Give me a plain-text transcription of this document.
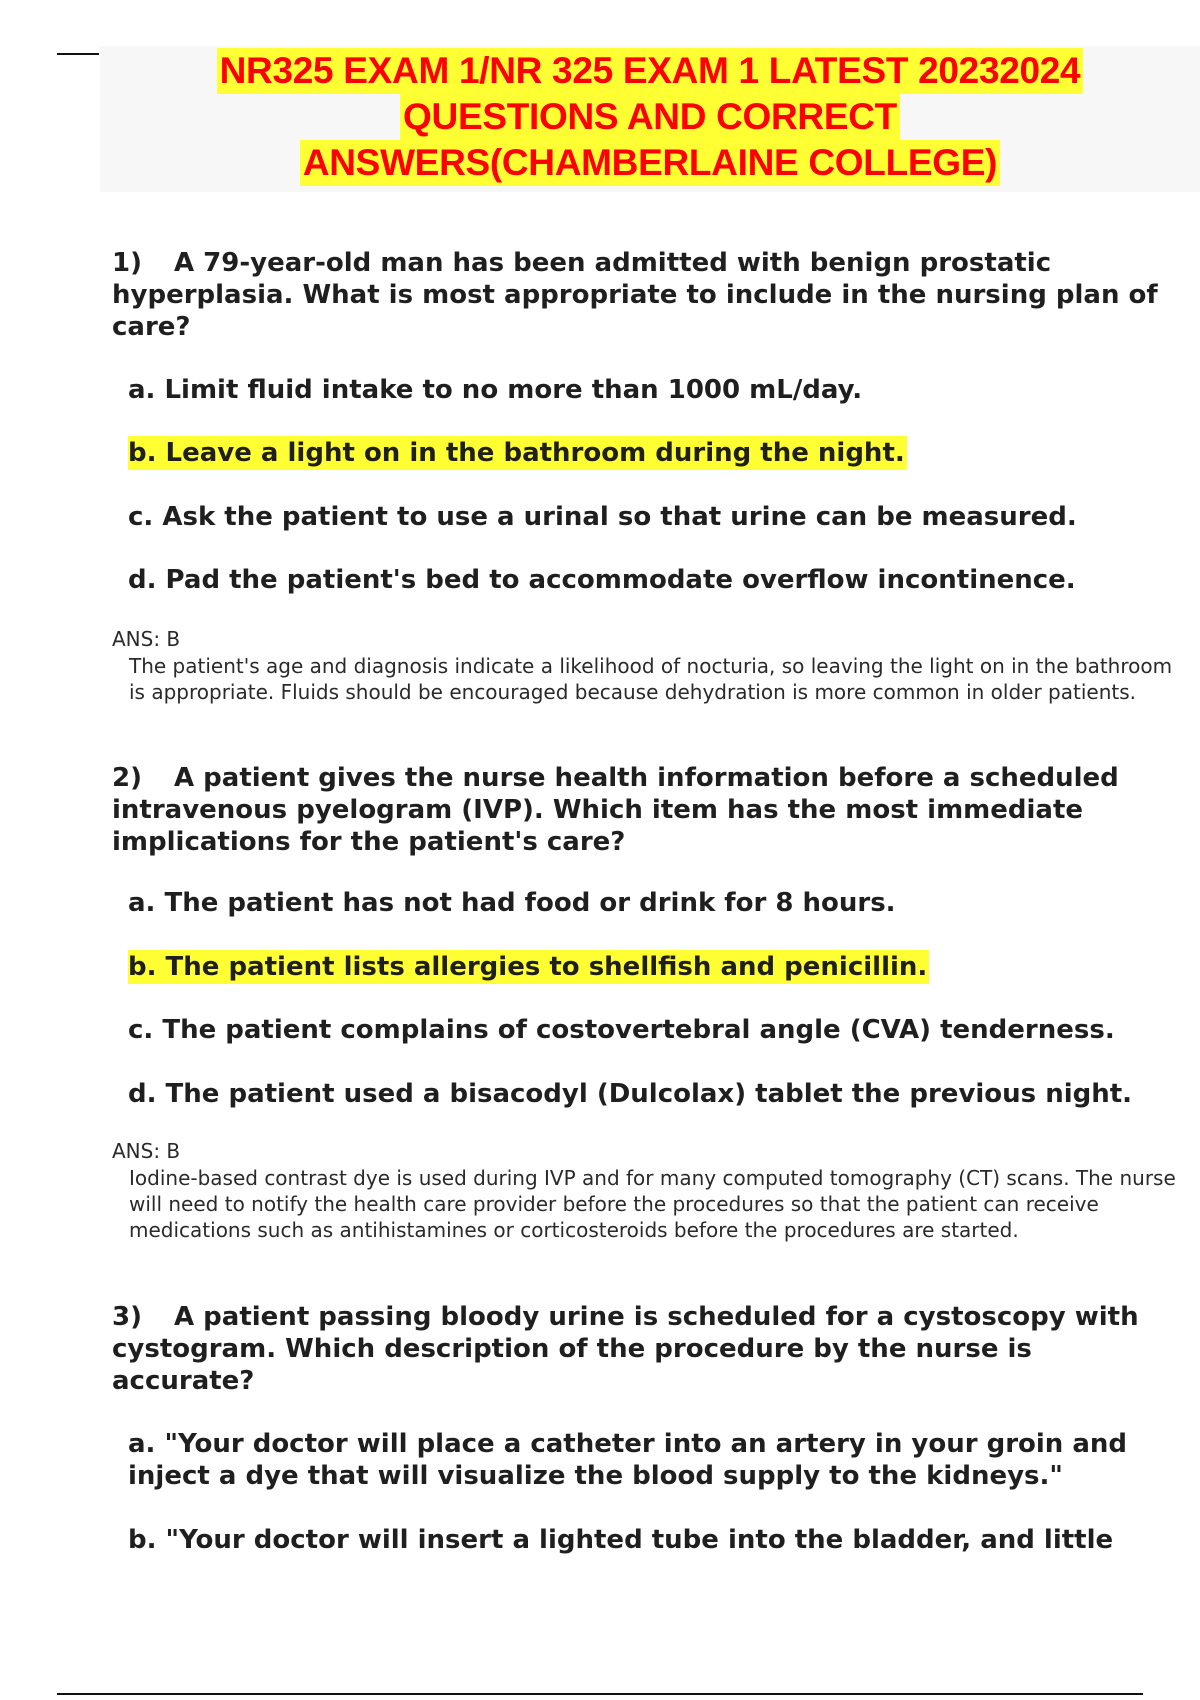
NR325 EXAM 1/NR 325 EXAM 1 LATEST 20232024
QUESTIONS AND CORRECT
ANSWERS(CHAMBERLAINE COLLEGE)
1) A 79-year-old man has been admitted with benign prostatic hyperplasia. What is most appropriate to include in the nursing plan of care?
a. Limit fluid intake to no more than 1000 mL/day.
b. Leave a light on in the bathroom during the night.
c. Ask the patient to use a urinal so that urine can be measured.
d. Pad the patient's bed to accommodate overflow incontinence.
ANS: B
The patient's age and diagnosis indicate a likelihood of nocturia, so leaving the light on in the bathroom is appropriate. Fluids should be encouraged because dehydration is more common in older patients.
2) A patient gives the nurse health information before a scheduled intravenous pyelogram (IVP). Which item has the most immediate implications for the patient's care?
a. The patient has not had food or drink for 8 hours.
b. The patient lists allergies to shellfish and penicillin.
c. The patient complains of costovertebral angle (CVA) tenderness.
d. The patient used a bisacodyl (Dulcolax) tablet the previous night.
ANS: B
Iodine-based contrast dye is used during IVP and for many computed tomography (CT) scans. The nurse will need to notify the health care provider before the procedures so that the patient can receive medications such as antihistamines or corticosteroids before the procedures are started.
3) A patient passing bloody urine is scheduled for a cystoscopy with cystogram. Which description of the procedure by the nurse is accurate?
a. "Your doctor will place a catheter into an artery in your groin and inject a dye that will visualize the blood supply to the kidneys."
b. "Your doctor will insert a lighted tube into the bladder, and little
